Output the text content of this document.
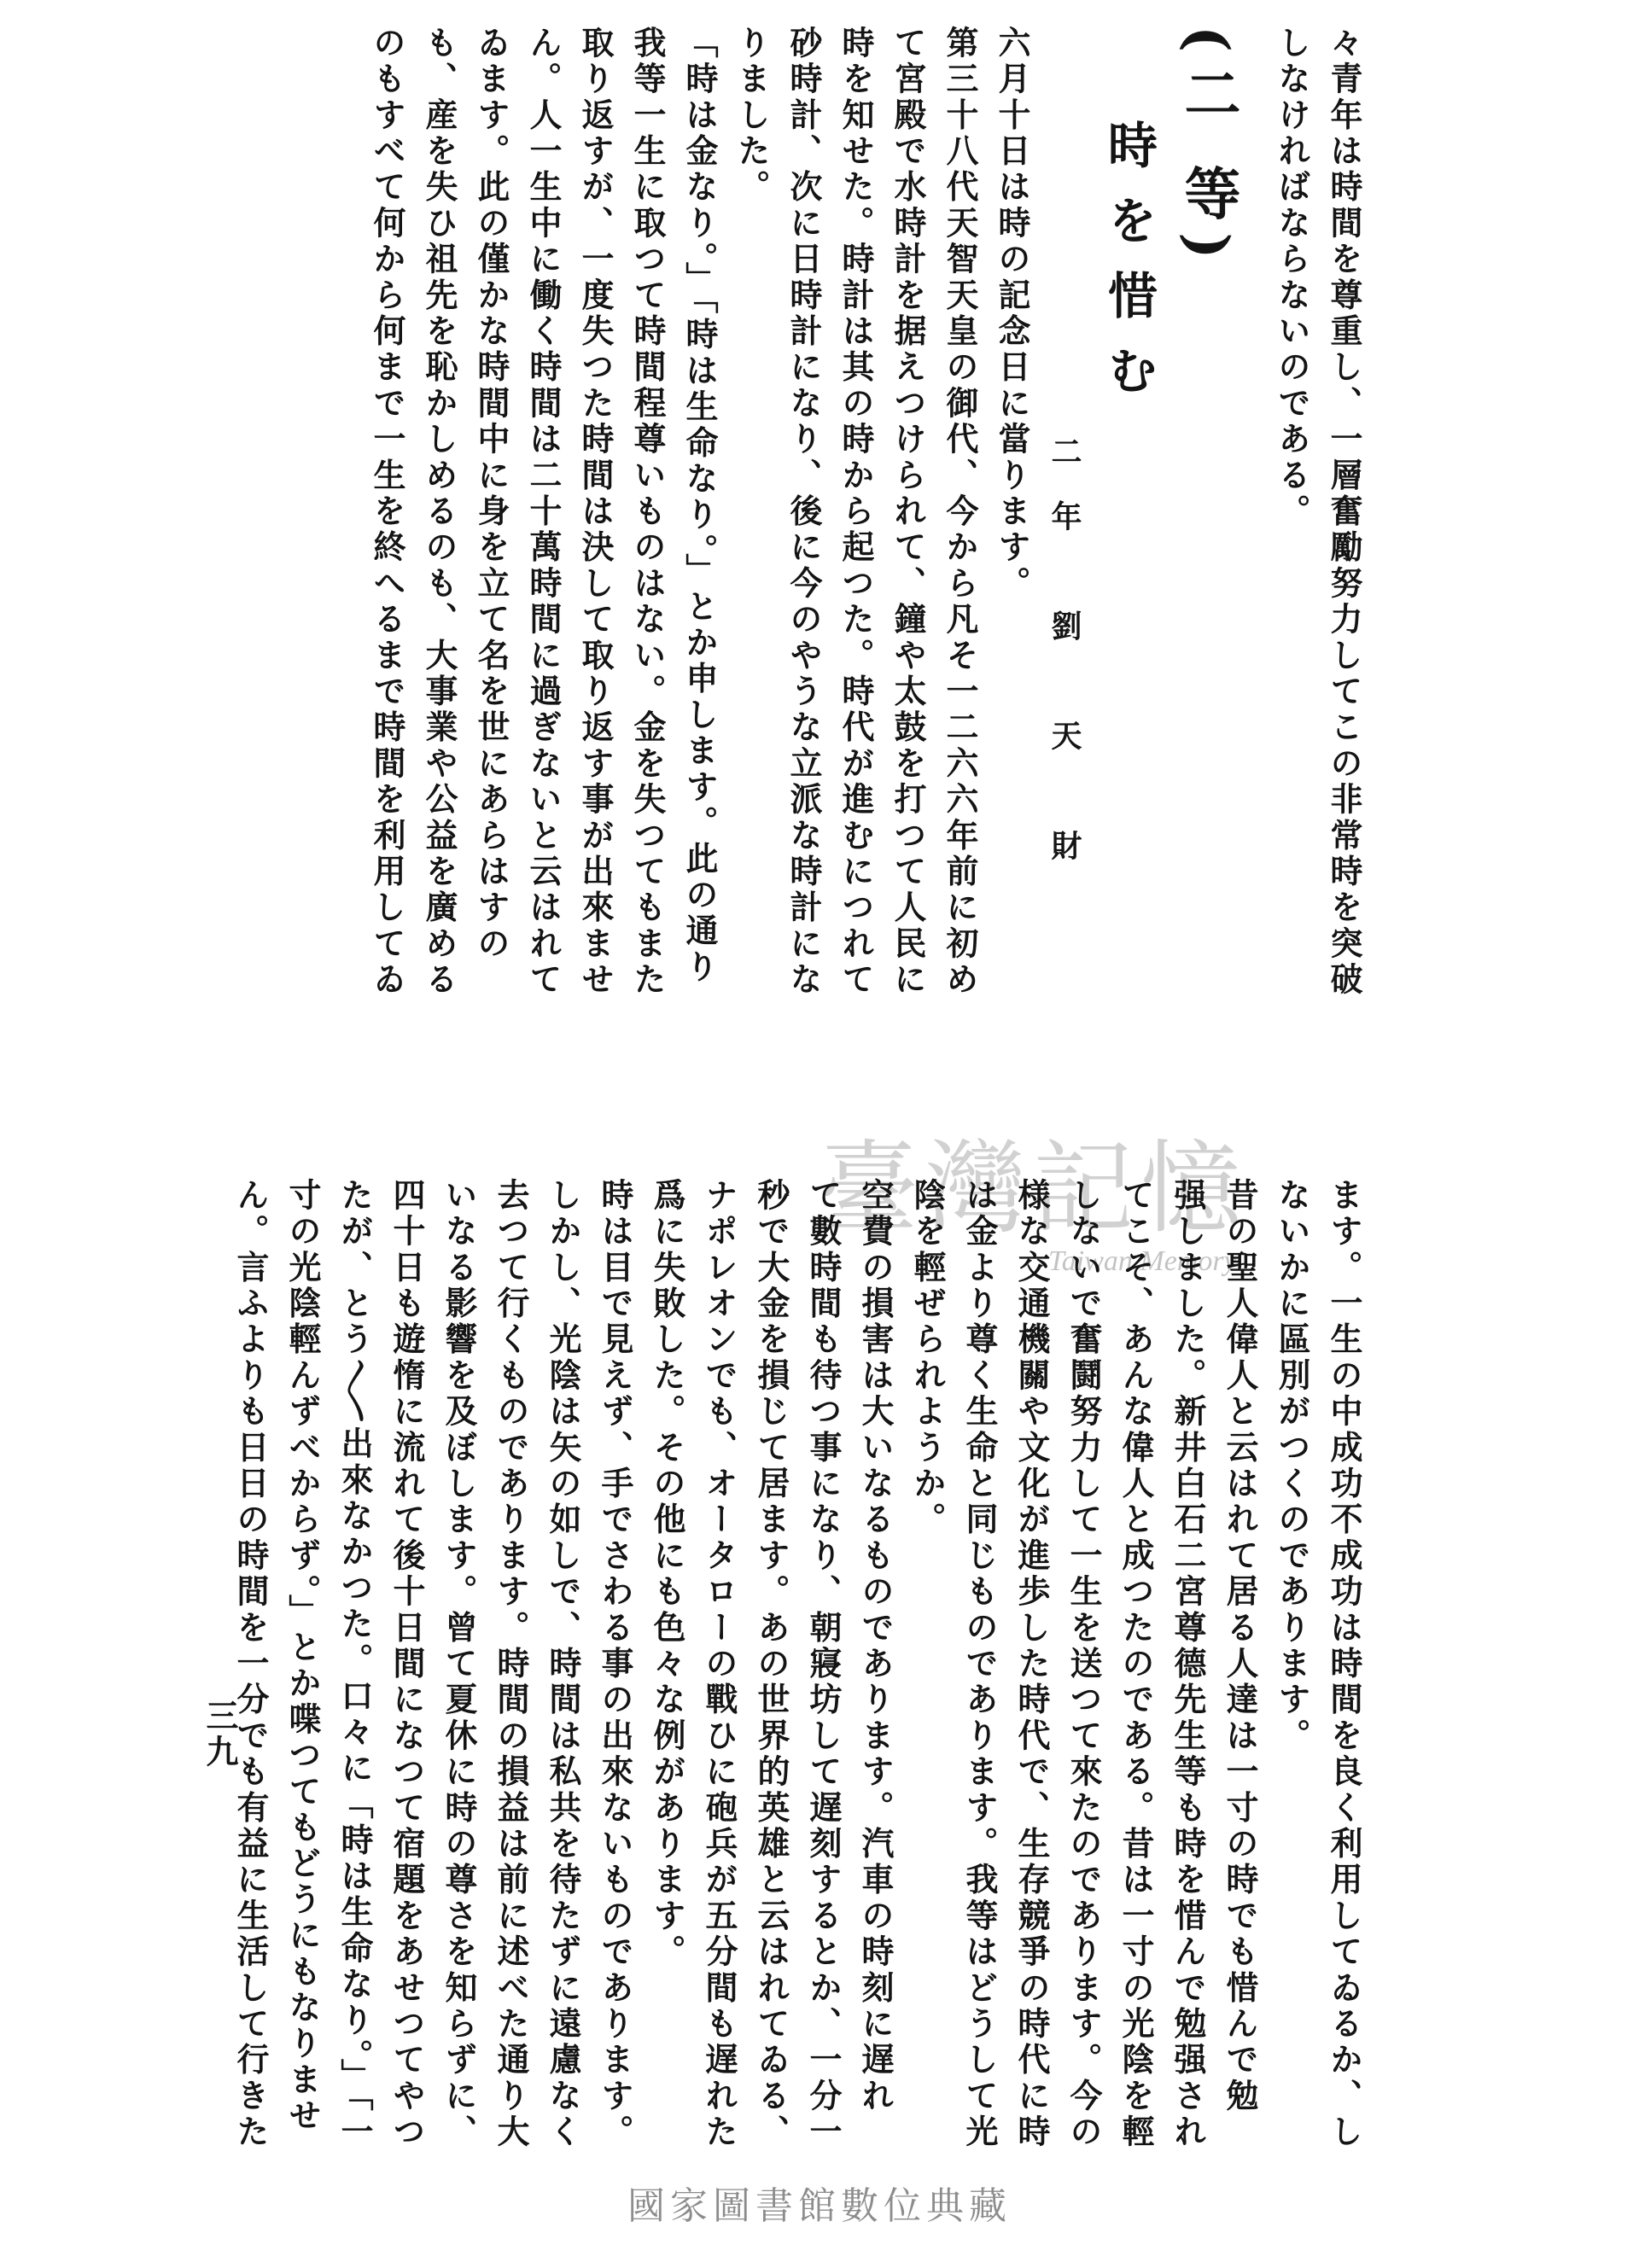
々青年は時間を尊重し、一層奮勵努力してこの非常時を突破
しなければならないのである。
(二 等)
時を惜む
二年 劉 天 財
六月十日は時の記念日に當ります。
第三十八代天智天皇の御代、今から凡そ一二六六年前に初め
て宮殿で水時計を据えつけられて、鐘や太鼓を打つて人民に
時を知せた。時計は其の時から起つた。時代が進むにつれて
砂時計、次に日時計になり、後に今のやうな立派な時計にな
りました。
「時は金なり。」「時は生命なり。」とか申します。此の通り
我等一生に取つて時間程尊いものはない。金を失つてもまた
取り返すが、一度失つた時間は決して取り返す事が出來ませ
ん。人一生中に働く時間は二十萬時間に過ぎないと云はれて
ゐます。此の僅かな時間中に身を立て名を世にあらはすの
も、産を失ひ祖先を恥かしめるのも、大事業や公益を廣める
のもすべて何から何まで一生を終へるまで時間を利用してゐ
臺灣記憶
Taiwan Memory	ます。一生の中成功不成功は時間を良く利用してゐるか、し
ないかに區別がつくのであります。
昔の聖人偉人と云はれて居る人達は一寸の時でも惜んで勉
强しました。新井白石二宮尊德先生等も時を惜んで勉强され
てこそ、あんな偉人と成つたのである。昔は一寸の光陰を輕
しないで奮鬪努力して一生を送つて來たのであります。今の
様な交通機關や文化が進歩した時代で、生存競爭の時代に時
は金より尊く生命と同じものであります。我等はどうして光
陰を輕ぜられようか。
空費の損害は大いなるものであります。汽車の時刻に遅れ
て數時間も待つ事になり、朝寢坊して遅刻するとか、一分一
秒で大金を損じて居ます。あの世界的英雄と云はれてゐる、
ナポレオンでも、オータローの戰ひに砲兵が五分間も遅れた
爲に失敗した。その他にも色々な例があります。
時は目で見えず、手でさわる事の出來ないものであります。
しかし、光陰は矢の如しで、時間は私共を待たずに遠慮なく
去つて行くものであります。時間の損益は前に述べた通り大
いなる影響を及ぼします。曾て夏休に時の尊さを知らずに、
四十日も遊惰に流れて後十日間になつて宿題をあせつてやつ
たが、とう〳〵出來なかつた。口々に「時は生命なり。」「一
寸の光陰輕んずべからず。」とか喋つてもどうにもなりませ
ん。言ふよりも日日の時間を一分でも有益に生活して行きた
三九
國家圖書館數位典藏
